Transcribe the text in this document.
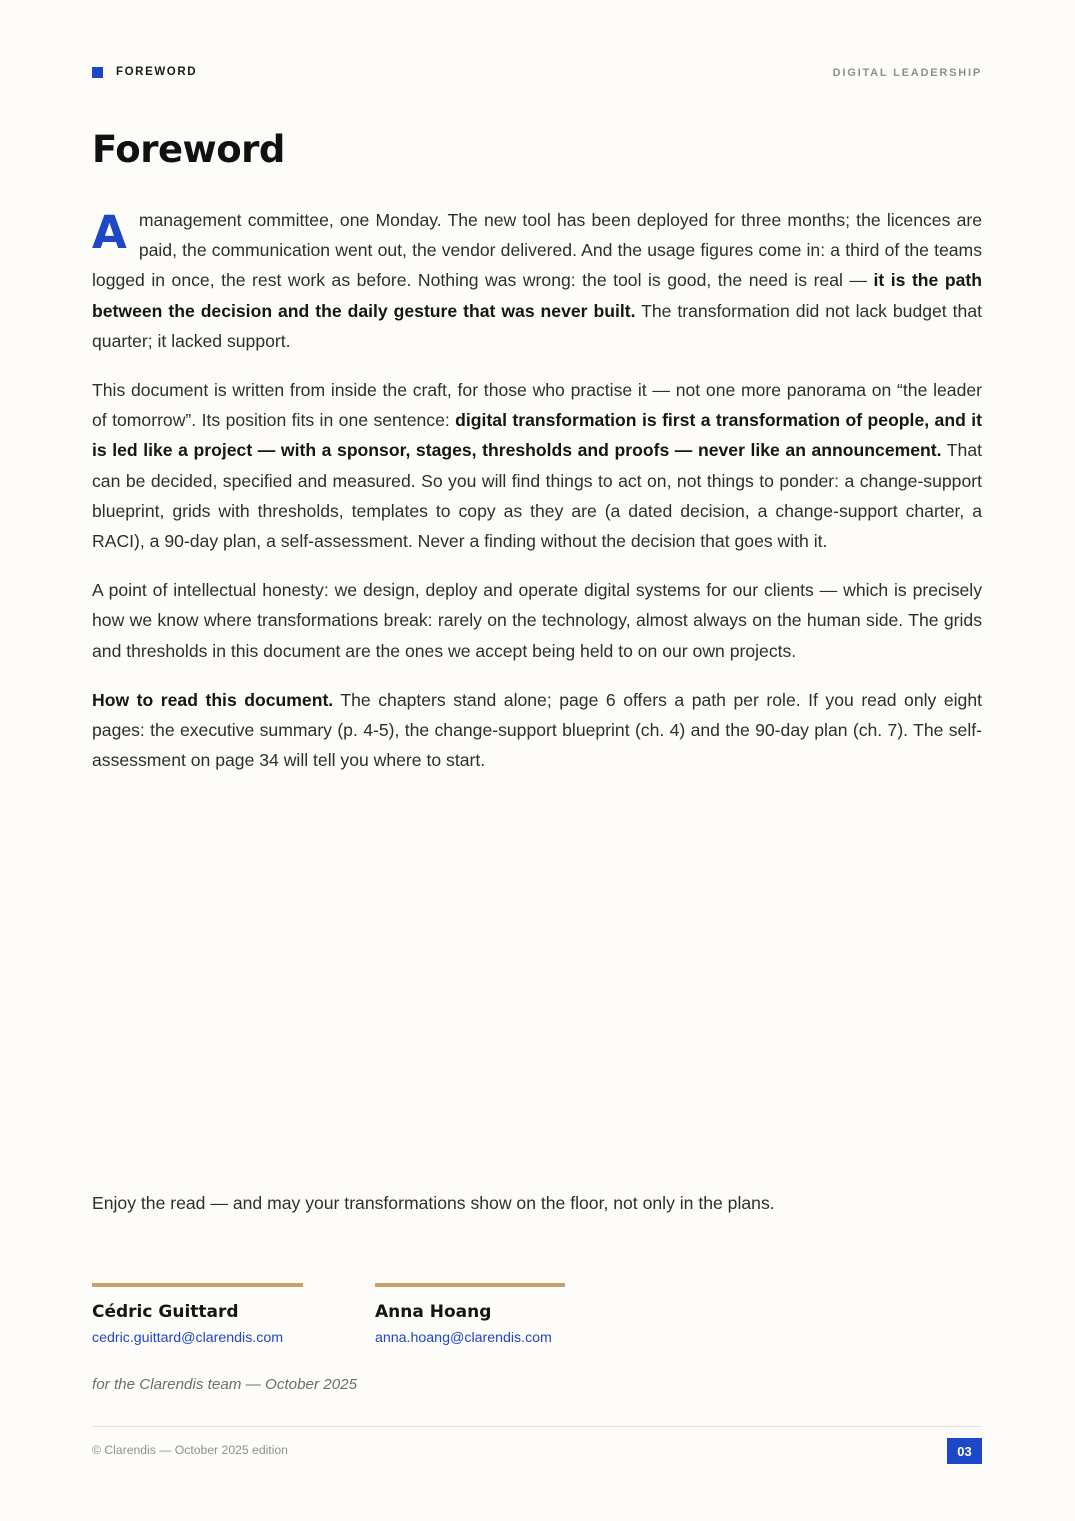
FOREWORD	DIGITAL LEADERSHIP
Foreword

Amanagement committee, one Monday. The new tool has been deployed for three months; the licences are paid, the communication went out, the vendor delivered. And the usage figures come in: a third of the teams logged in once, the rest work as before. Nothing was wrong: the tool is good, the need is real — it is the path between the decision and the daily gesture that was never built. The transformation did not lack budget that quarter; it lacked support.

This document is written from inside the craft, for those who practise it — not one more panorama on “the leader of tomorrow”. Its position fits in one sentence: digital transformation is first a transformation of people, and it is led like a project — with a sponsor, stages, thresholds and proofs — never like an announcement. That can be decided, specified and measured. So you will find things to act on, not things to ponder: a change-support blueprint, grids with thresholds, templates to copy as they are (a dated decision, a change-support charter, a RACI), a 90-day plan, a self-assessment. Never a finding without the decision that goes with it.

A point of intellectual honesty: we design, deploy and operate digital systems for our clients — which is precisely how we know where transformations break: rarely on the technology, almost always on the human side. The grids and thresholds in this document are the ones we accept being held to on our own projects.

How to read this document. The chapters stand alone; page 6 offers a path per role. If you read only eight pages: the executive summary (p. 4-5), the change-support blueprint (ch. 4) and the 90-day plan (ch. 7). The self-assessment on page 34 will tell you where to start.

Enjoy the read — and may your transformations show on the floor, not only in the plans.

Cédric Guittard
cedric.guittard@clarendis.com
Anna Hoang
anna.hoang@clarendis.com
for the Clarendis team — October 2025
© Clarendis — October 2025 edition	03
